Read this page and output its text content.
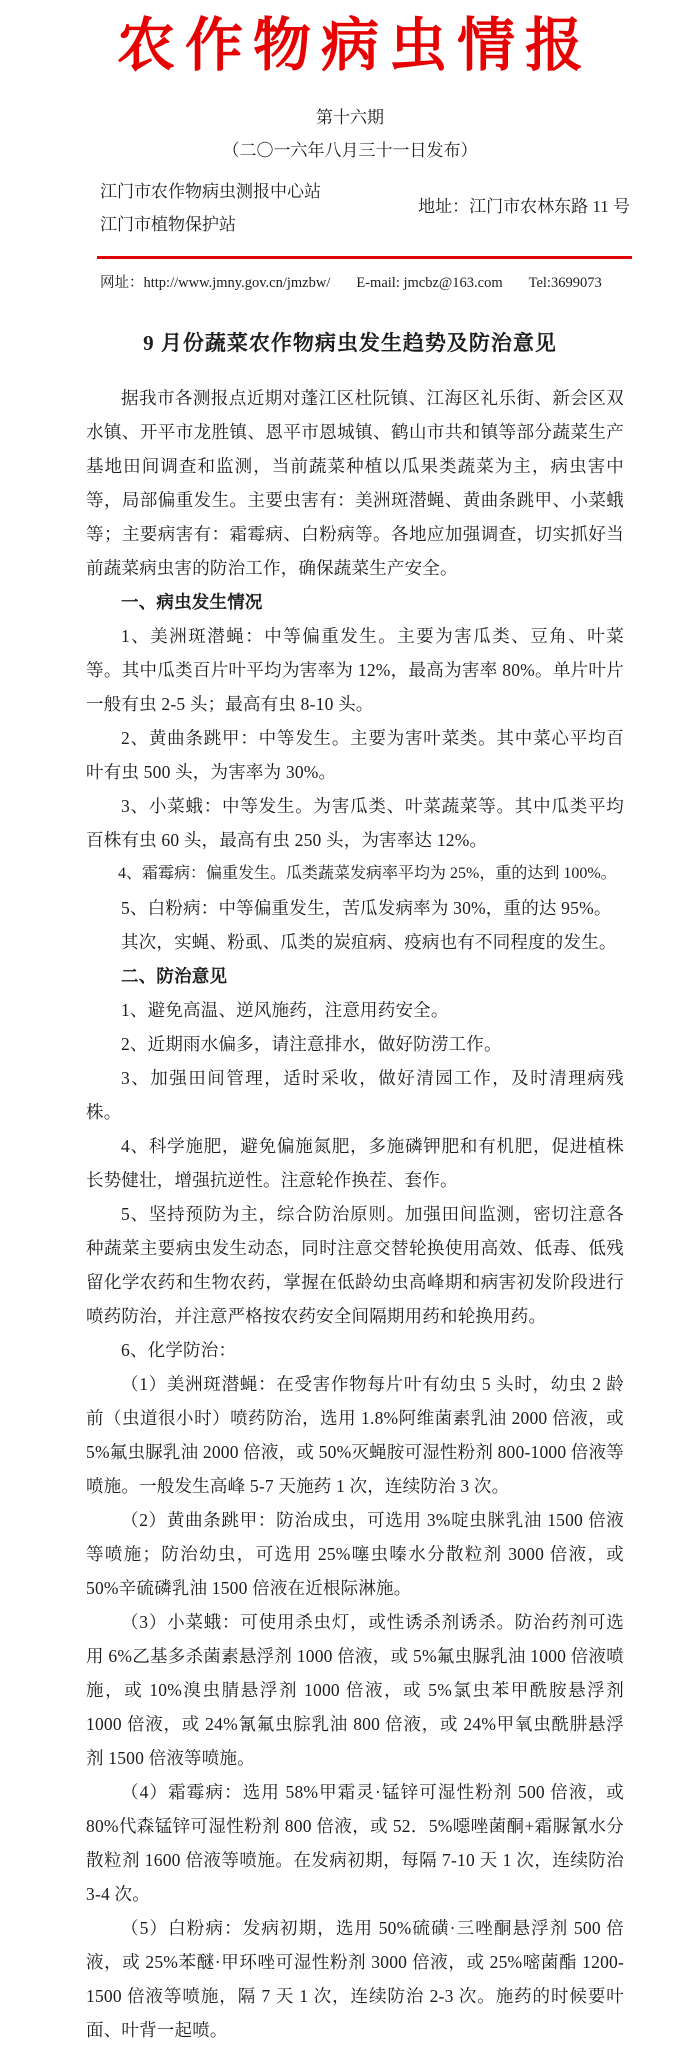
农作物病虫情报
第十六期
（二〇一六年八月三十一日发布）
江门市农作物病虫测报中心站
江门市植物保护站
地址：江门市农林东路 11 号
网址：http://www.jmny.gov.cn/jmzbw/ E-mail: jmcbz@163.com Tel:3699073
9 月份蔬菜农作物病虫发生趋势及防治意见

据我市各测报点近期对蓬江区杜阮镇、江海区礼乐街、新会区双水镇、开平市龙胜镇、恩平市恩城镇、鹤山市共和镇等部分蔬菜生产基地田间调查和监测，当前蔬菜种植以瓜果类蔬菜为主，病虫害中等，局部偏重发生。主要虫害有：美洲斑潜蝇、黄曲条跳甲、小菜蛾等；主要病害有：霜霉病、白粉病等。各地应加强调查，切实抓好当前蔬菜病虫害的防治工作，确保蔬菜生产安全。

一、病虫发生情况

1、美洲斑潜蝇：中等偏重发生。主要为害瓜类、豆角、叶菜等。其中瓜类百片叶平均为害率为 12%，最高为害率 80%。单片叶片一般有虫 2-5 头；最高有虫 8-10 头。

2、黄曲条跳甲：中等发生。主要为害叶菜类。其中菜心平均百叶有虫 500 头，为害率为 30%。

3、小菜蛾：中等发生。为害瓜类、叶菜蔬菜等。其中瓜类平均百株有虫 60 头，最高有虫 250 头，为害率达 12%。

4、霜霉病：偏重发生。瓜类蔬菜发病率平均为 25%，重的达到 100%。

5、白粉病：中等偏重发生，苦瓜发病率为 30%，重的达 95%。

其次，实蝇、粉虱、瓜类的炭疽病、疫病也有不同程度的发生。

二、防治意见

1、避免高温、逆风施药，注意用药安全。

2、近期雨水偏多，请注意排水，做好防涝工作。

3、加强田间管理，适时采收，做好清园工作，及时清理病残株。

4、科学施肥，避免偏施氮肥，多施磷钾肥和有机肥，促进植株长势健壮，增强抗逆性。注意轮作换茬、套作。

5、坚持预防为主，综合防治原则。加强田间监测，密切注意各种蔬菜主要病虫发生动态，同时注意交替轮换使用高效、低毒、低残留化学农药和生物农药，掌握在低龄幼虫高峰期和病害初发阶段进行喷药防治，并注意严格按农药安全间隔期用药和轮换用药。

6、化学防治：

（1）美洲斑潜蝇：在受害作物每片叶有幼虫 5 头时，幼虫 2 龄前（虫道很小时）喷药防治，选用 1.8%阿维菌素乳油 2000 倍液，或 5%氟虫脲乳油 2000 倍液，或 50%灭蝇胺可湿性粉剂 800-1000 倍液等喷施。一般发生高峰 5-7 天施药 1 次，连续防治 3 次。

（2）黄曲条跳甲：防治成虫，可选用 3%啶虫脒乳油 1500 倍液等喷施；防治幼虫，可选用 25%噻虫嗪水分散粒剂 3000 倍液，或 50%辛硫磷乳油 1500 倍液在近根际淋施。

（3）小菜蛾：可使用杀虫灯，或性诱杀剂诱杀。防治药剂可选用 6%乙基多杀菌素悬浮剂 1000 倍液，或 5%氟虫脲乳油 1000 倍液喷施，或 10%溴虫腈悬浮剂 1000 倍液，或 5%氯虫苯甲酰胺悬浮剂 1000 倍液，或 24%氰氟虫腙乳油 800 倍液，或 24%甲氧虫酰肼悬浮剂 1500 倍液等喷施。

（4）霜霉病：选用 58%甲霜灵·锰锌可湿性粉剂 500 倍液，或 80%代森锰锌可湿性粉剂 800 倍液，或 52．5%噁唑菌酮+霜脲氰水分散粒剂 1600 倍液等喷施。在发病初期，每隔 7-10 天 1 次，连续防治 3-4 次。

（5）白粉病：发病初期，选用 50%硫磺·三唑酮悬浮剂 500 倍液，或 25%苯醚·甲环唑可湿性粉剂 3000 倍液，或 25%嘧菌酯 1200-1500 倍液等喷施，隔 7 天 1 次，连续防治 2-3 次。施药的时候要叶面、叶背一起喷。
